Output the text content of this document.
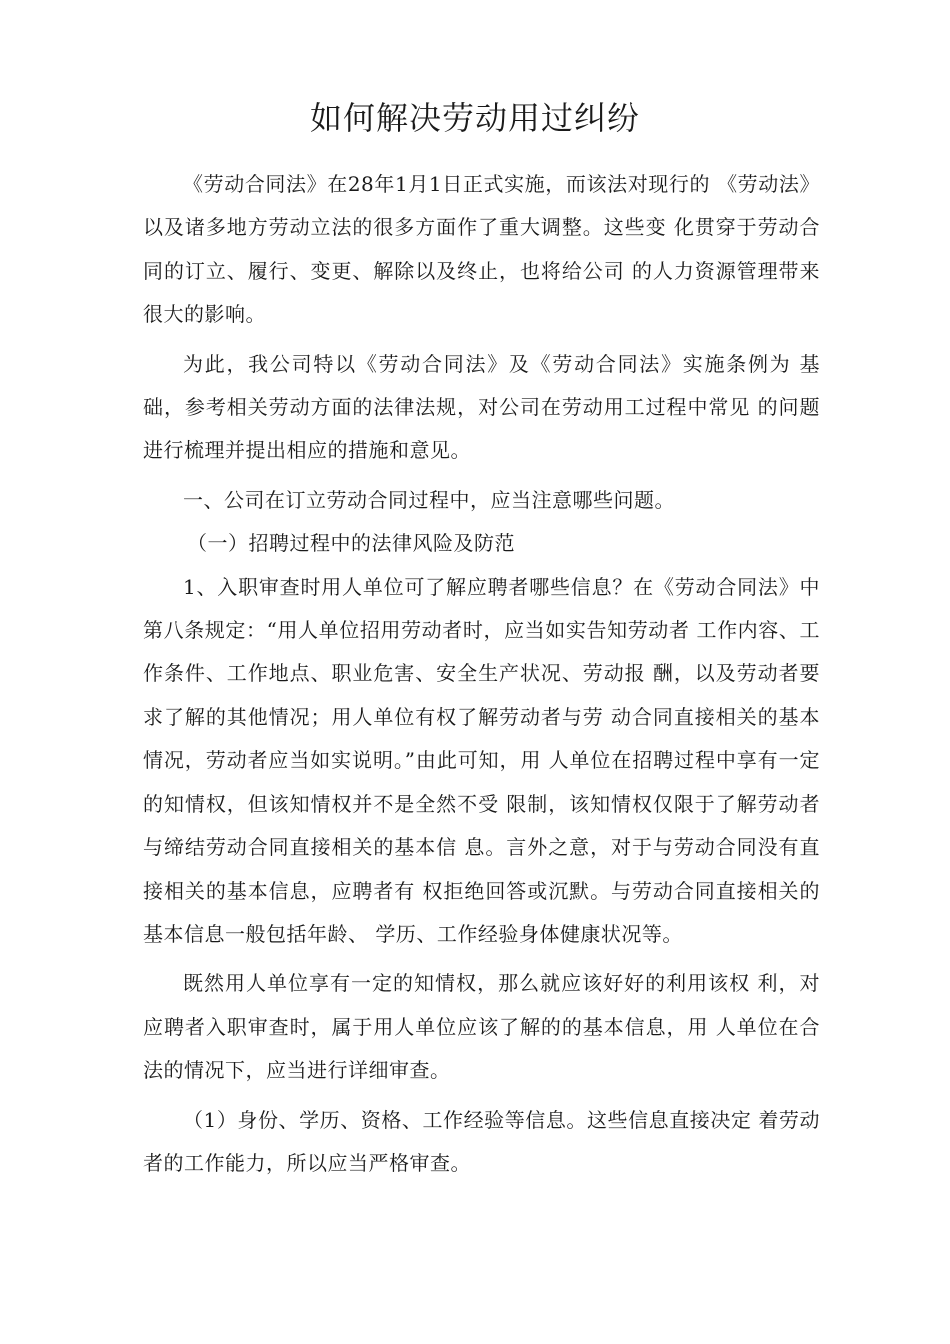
如何解决劳动用过纠纷

《劳动合同法》在28年1月1日正式实施，而该法对现行的 《劳动法》以及诸多地方劳动立法的很多方面作了重大调整。这些变 化贯穿于劳动合同的订立、履行、变更、解除以及终止，也将给公司 的人力资源管理带来很大的影响。

为此，我公司特以《劳动合同法》及《劳动合同法》实施条例为 基础，参考相关劳动方面的法律法规，对公司在劳动用工过程中常见 的问题进行梳理并提出相应的措施和意见。

一、公司在订立劳动合同过程中，应当注意哪些问题。

（一）招聘过程中的法律风险及防范

1、入职审查时用人单位可了解应聘者哪些信息？在《劳动合同法》中第八条规定：“用人单位招用劳动者时，应当如实告知劳动者 工作内容、工作条件、工作地点、职业危害、安全生产状况、劳动报 酬，以及劳动者要求了解的其他情况；用人单位有权了解劳动者与劳 动合同直接相关的基本情况，劳动者应当如实说明。”由此可知，用 人单位在招聘过程中享有一定的知情权，但该知情权并不是全然不受 限制，该知情权仅限于了解劳动者与缔结劳动合同直接相关的基本信 息。言外之意，对于与劳动合同没有直接相关的基本信息，应聘者有 权拒绝回答或沉默。与劳动合同直接相关的基本信息一般包括年龄、 学历、工作经验身体健康状况等。

既然用人单位享有一定的知情权，那么就应该好好的利用该权 利，对应聘者入职审查时，属于用人单位应该了解的的基本信息，用 人单位在合法的情况下，应当进行详细审查。

（1）身份、学历、资格、工作经验等信息。这些信息直接决定 着劳动者的工作能力，所以应当严格审查。
